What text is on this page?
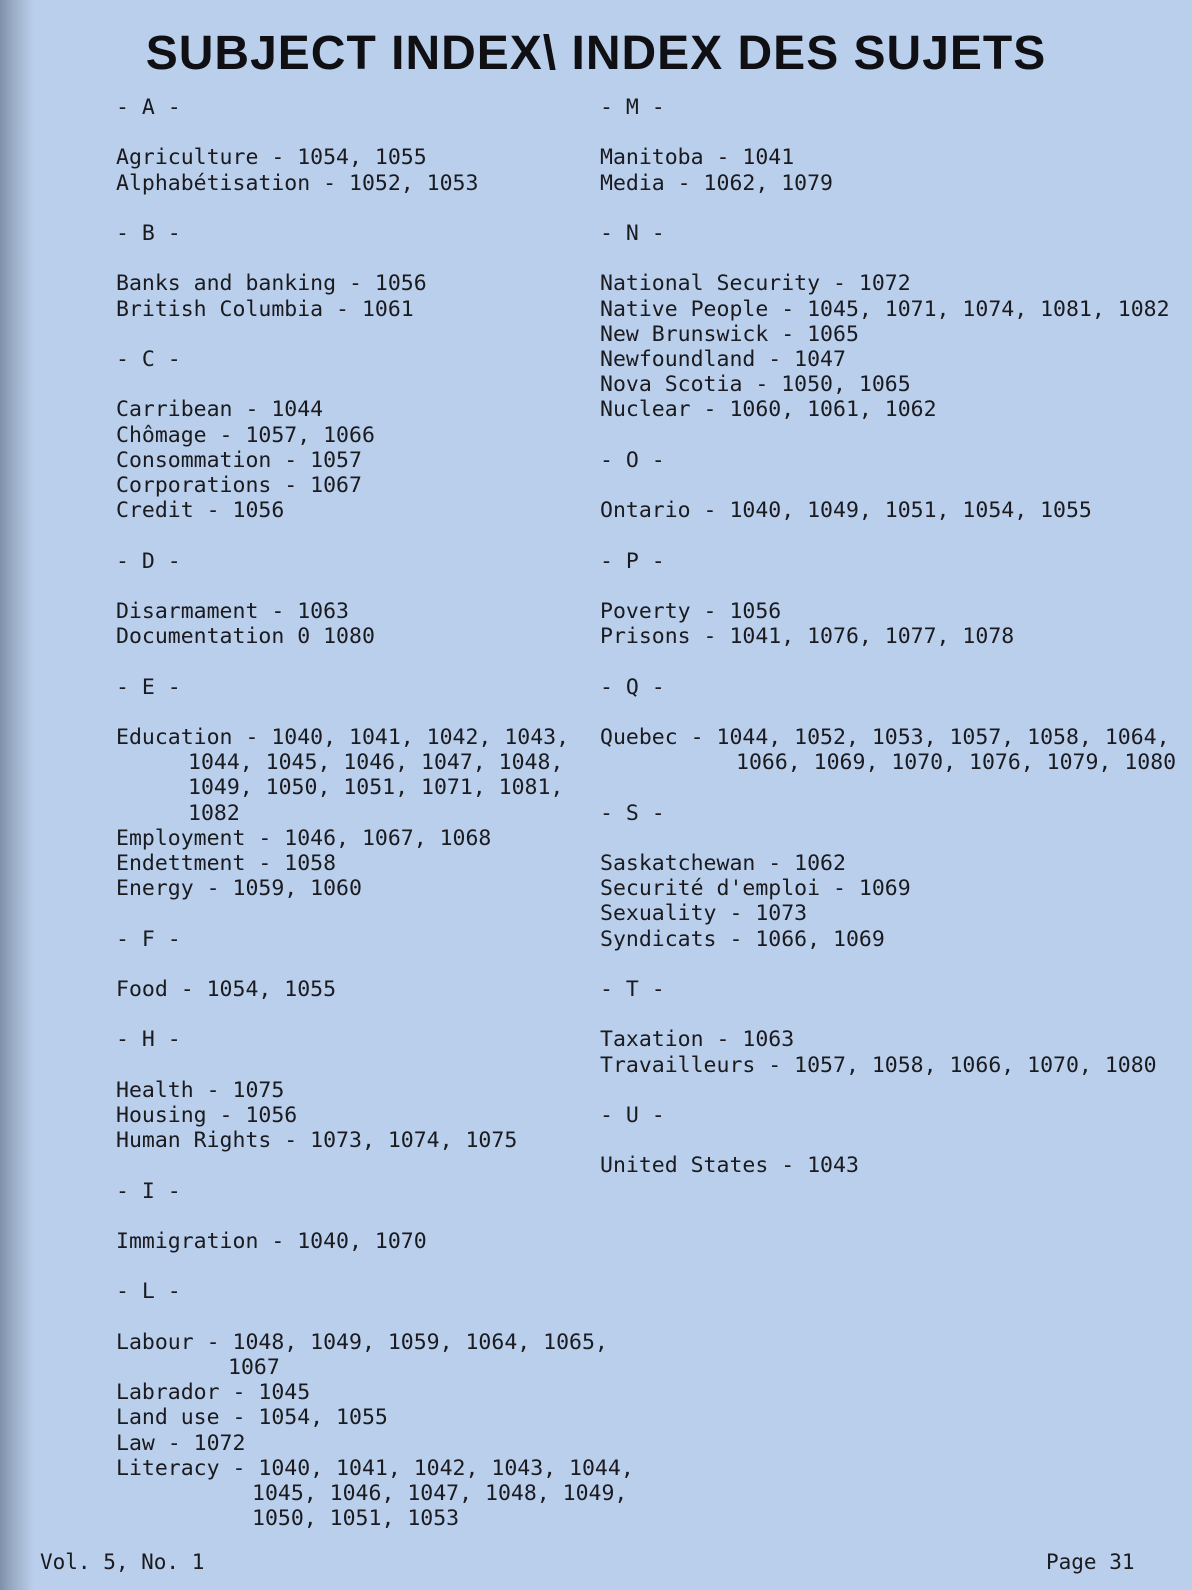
SUBJECT INDEX\ INDEX DES SUJETS
- A -
Agriculture - 1054, 1055
Alphabétisation - 1052, 1053
- B -
Banks and banking - 1056
British Columbia - 1061
- C -
Carribean - 1044
Chômage - 1057, 1066
Consommation - 1057
Corporations - 1067
Credit - 1056
- D -
Disarmament - 1063
Documentation 0 1080
- E -
Education - 1040, 1041, 1042, 1043,
1044, 1045, 1046, 1047, 1048,
1049, 1050, 1051, 1071, 1081,
1082
Employment - 1046, 1067, 1068
Endettment - 1058
Energy - 1059, 1060
- F -
Food - 1054, 1055
- H -
Health - 1075
Housing - 1056
Human Rights - 1073, 1074, 1075
- I -
Immigration - 1040, 1070
- L -
Labour - 1048, 1049, 1059, 1064, 1065,
1067
Labrador - 1045
Land use - 1054, 1055
Law - 1072
Literacy - 1040, 1041, 1042, 1043, 1044,
1045, 1046, 1047, 1048, 1049,
1050, 1051, 1053
- M -
Manitoba - 1041
Media - 1062, 1079
- N -
National Security - 1072
Native People - 1045, 1071, 1074, 1081, 1082
New Brunswick - 1065
Newfoundland - 1047
Nova Scotia - 1050, 1065
Nuclear - 1060, 1061, 1062
- O -
Ontario - 1040, 1049, 1051, 1054, 1055
- P -
Poverty - 1056
Prisons - 1041, 1076, 1077, 1078
- Q -
Quebec - 1044, 1052, 1053, 1057, 1058, 1064,
1066, 1069, 1070, 1076, 1079, 1080
- S -
Saskatchewan - 1062
Securité d'emploi - 1069
Sexuality - 1073
Syndicats - 1066, 1069
- T -
Taxation - 1063
Travailleurs - 1057, 1058, 1066, 1070, 1080
- U -
United States - 1043
Vol. 5, No. 1	Page 31
